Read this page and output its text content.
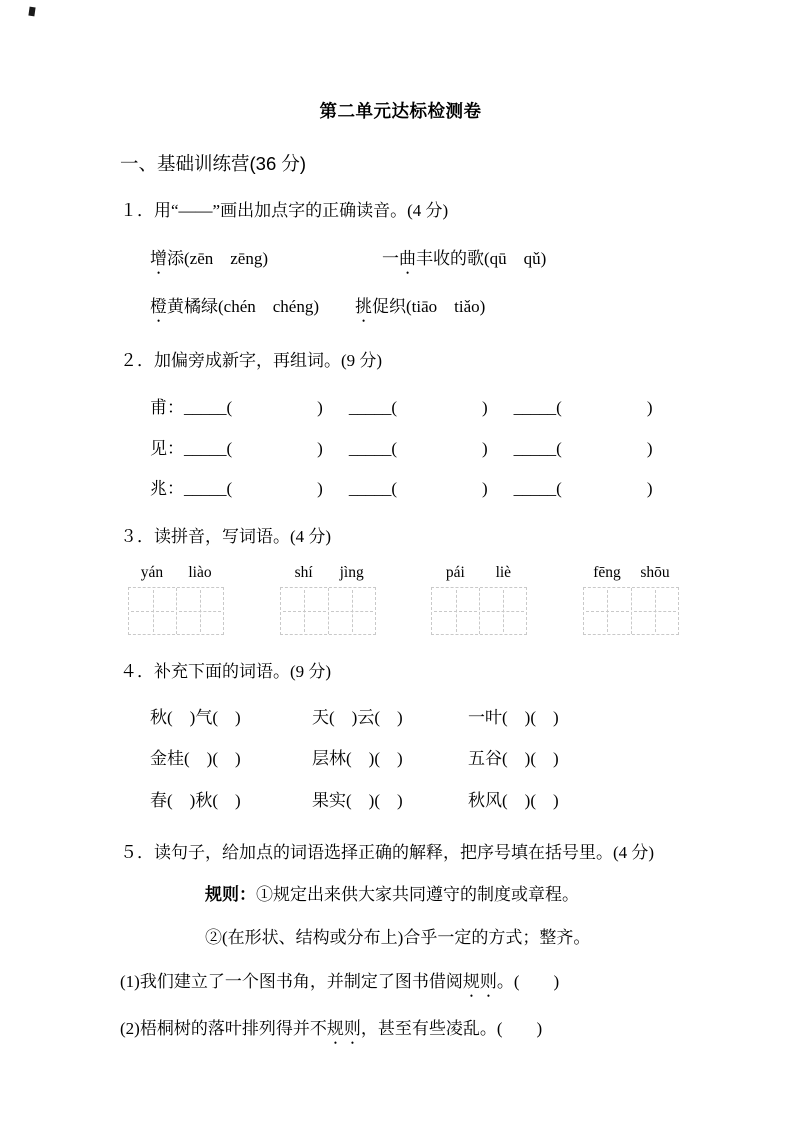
第二单元达标检测卷
一、基础训练营(36 分)
１．用“——”画出加点字的正确读音。(4 分)
增添(zēn　zēng)	一曲丰收的歌(qū　qǔ)
橙黄橘绿(chén　chéng)	挑促织(tiāo　tiǎo)
２．加偏旁成新字，再组词。(9 分)
甫： _____(　　　　　) _____(　　　　　) _____(　　　　　)
见： _____(　　　　　) _____(　　　　　) _____(　　　　　)
兆： _____(　　　　　) _____(　　　　　) _____(　　　　　)
３．读拼音，写词语。(4 分)
yán	liào	shí	jìng	pái	liè	fēng	shōu
４．补充下面的词语。(9 分)
秋(　)气(　)	天(　)云(　)	一叶(　)(　)
金桂(　)(　)	层林(　)(　)	五谷(　)(　)
春(　)秋(　)	果实(　)(　)	秋风(　)(　)
５．读句子，给加点的词语选择正确的解释，把序号填在括号里。(4 分)
规则：①规定出来供大家共同遵守的制度或章程。
②(在形状、结构或分布上)合乎一定的方式；整齐。
(1)我们建立了一个图书角，并制定了图书借阅规则。(　　)
(2)梧桐树的落叶排列得并不规则，甚至有些凌乱。(　　)
